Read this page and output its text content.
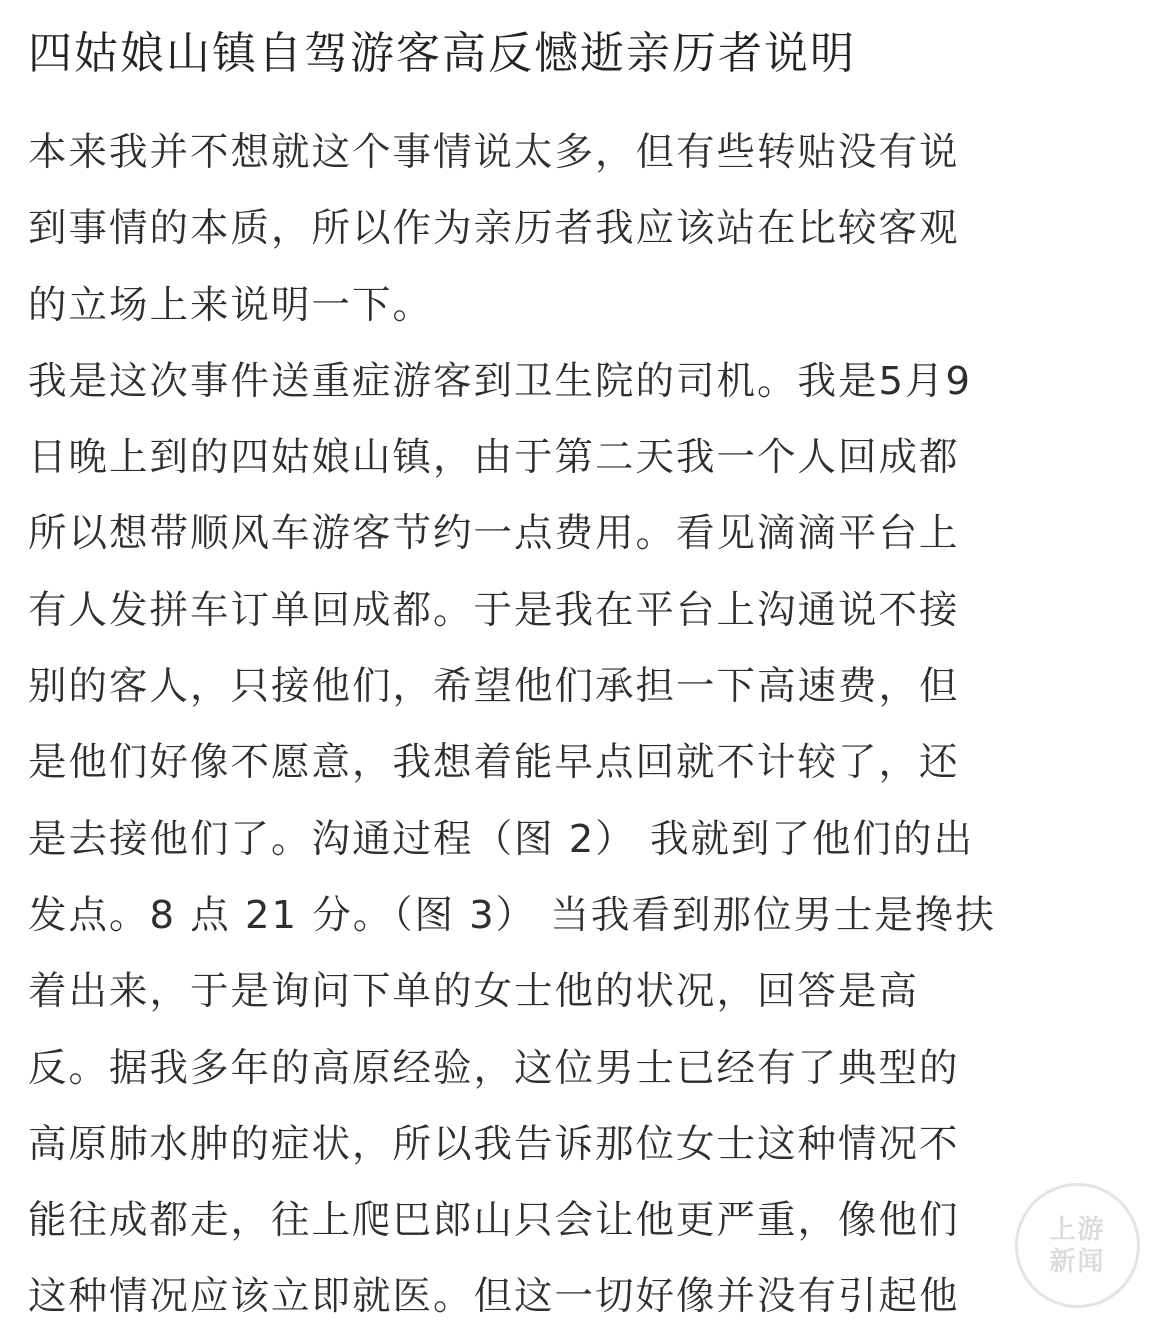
四姑娘山镇自驾游客高反憾逝亲历者说明
本来我并不想就这个事情说太多，但有些转贴没有说
到事情的本质，所以作为亲历者我应该站在比较客观
的立场上来说明一下。
我是这次事件送重症游客到卫生院的司机。我是5月9
日晚上到的四姑娘山镇，由于第二天我一个人回成都
所以想带顺风车游客节约一点费用。看见滴滴平台上
有人发拼车订单回成都。于是我在平台上沟通说不接
别的客人，只接他们，希望他们承担一下高速费，但
是他们好像不愿意，我想着能早点回就不计较了，还
是去接他们了。沟通过程（图 2） 我就到了他们的出
发点。8 点 21 分。（图 3） 当我看到那位男士是搀扶
着出来，于是询问下单的女士他的状况，回答是高
反。据我多年的高原经验，这位男士已经有了典型的
高原肺水肿的症状，所以我告诉那位女士这种情况不
能往成都走，往上爬巴郎山只会让他更严重，像他们
这种情况应该立即就医。但这一切好像并没有引起他
上游
新闻
